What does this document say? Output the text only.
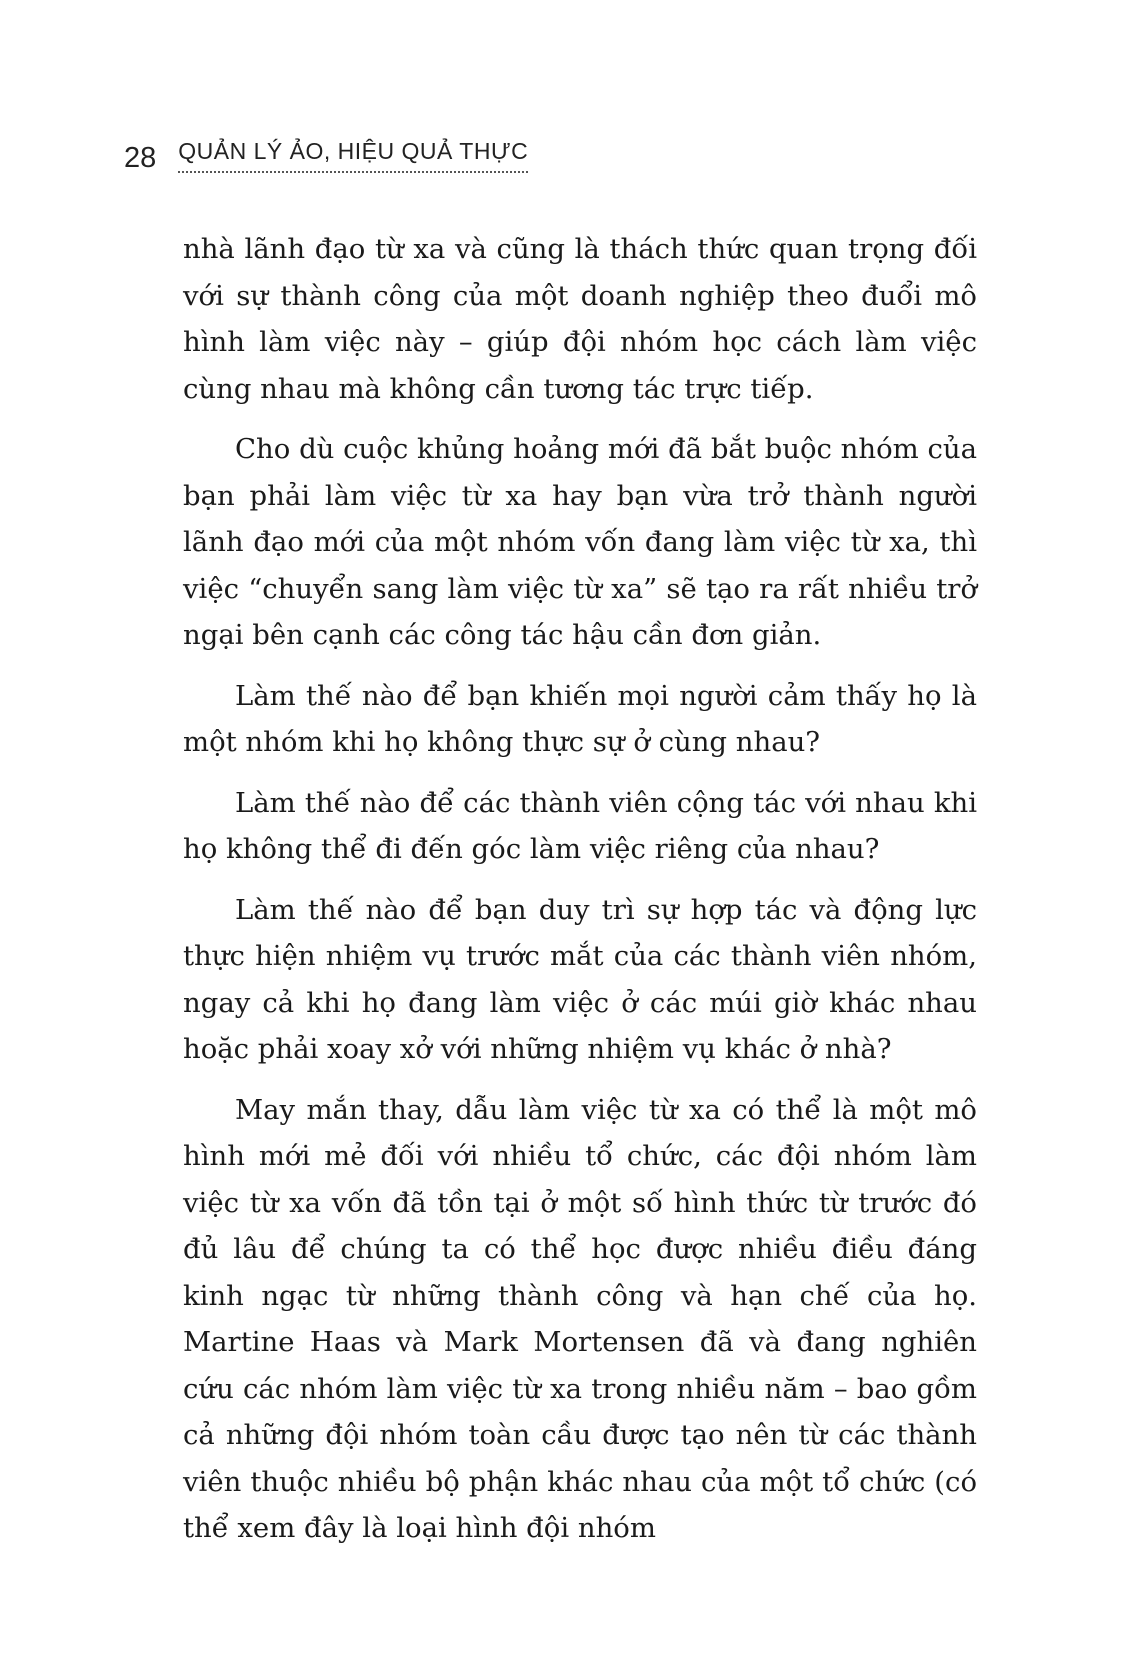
28 QUẢN LÝ ẢO, HIỆU QUẢ THỰC

nhà lãnh đạo từ xa và cũng là thách thức quan trọng đối với sự thành công của một doanh nghiệp theo đuổi mô hình làm việc này – giúp đội nhóm học cách làm việc cùng nhau mà không cần tương tác trực tiếp.

Cho dù cuộc khủng hoảng mới đã bắt buộc nhóm của bạn phải làm việc từ xa hay bạn vừa trở thành người lãnh đạo mới của một nhóm vốn đang làm việc từ xa, thì việc “chuyển sang làm việc từ xa” sẽ tạo ra rất nhiều trở ngại bên cạnh các công tác hậu cần đơn giản.

Làm thế nào để bạn khiến mọi người cảm thấy họ là một nhóm khi họ không thực sự ở cùng nhau?

Làm thế nào để các thành viên cộng tác với nhau khi họ không thể đi đến góc làm việc riêng của nhau?

Làm thế nào để bạn duy trì sự hợp tác và động lực thực hiện nhiệm vụ trước mắt của các thành viên nhóm, ngay cả khi họ đang làm việc ở các múi giờ khác nhau hoặc phải xoay xở với những nhiệm vụ khác ở nhà?

May mắn thay, dẫu làm việc từ xa có thể là một mô hình mới mẻ đối với nhiều tổ chức, các đội nhóm làm việc từ xa vốn đã tồn tại ở một số hình thức từ trước đó đủ lâu để chúng ta có thể học được nhiều điều đáng kinh ngạc từ những thành công và hạn chế của họ. Martine Haas và Mark Mortensen đã và đang nghiên cứu các nhóm làm việc từ xa trong nhiều năm – bao gồm cả những đội nhóm toàn cầu được tạo nên từ các thành viên thuộc nhiều bộ phận khác nhau của một tổ chức (có thể xem đây là loại hình đội nhóm
